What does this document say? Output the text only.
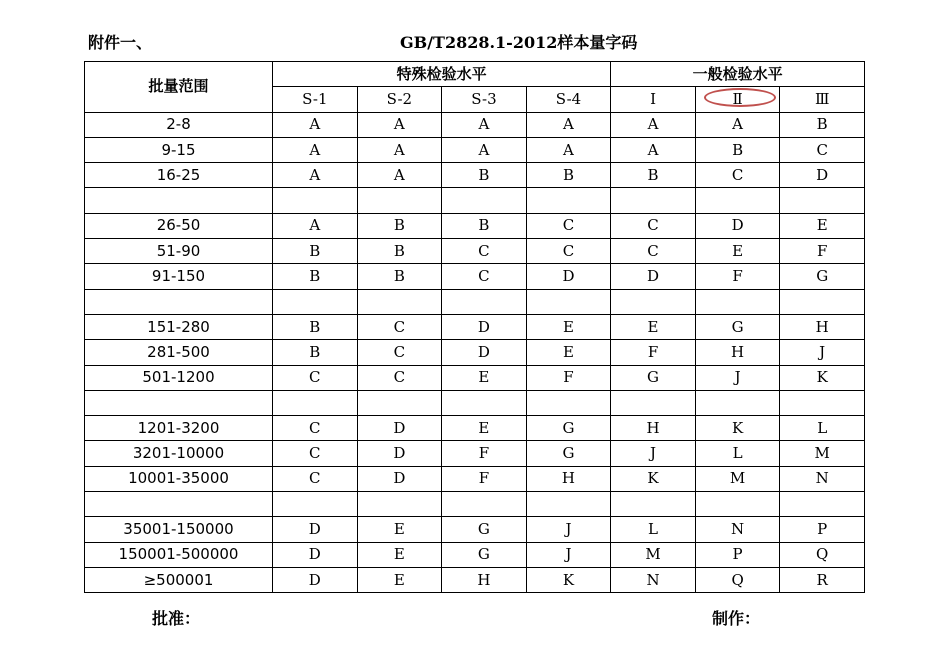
附件一、	GB/T2828.1-2012样本量字码
批量范围	特殊检验水平				一般检验水平		
	S-1	S-2	S-3	S-4	Ⅰ	Ⅱ	Ⅲ
2-8	A	A	A	A	A	A	B
9-15	A	A	A	A	A	B	C
16-25	A	A	B	B	B	C	D

26-50	A	B	B	C	C	D	E
51-90	B	B	C	C	C	E	F
91-150	B	B	C	D	D	F	G

151-280	B	C	D	E	E	G	H
281-500	B	C	D	E	F	H	J
501-1200	C	C	E	F	G	J	K

1201-3200	C	D	E	G	H	K	L
3201-10000	C	D	F	G	J	L	M
10001-35000	C	D	F	H	K	M	N

35001-150000	D	E	G	J	L	N	P
150001-500000	D	E	G	J	M	P	Q
≥500001	D	E	H	K	N	Q	R
批准：	制作：
